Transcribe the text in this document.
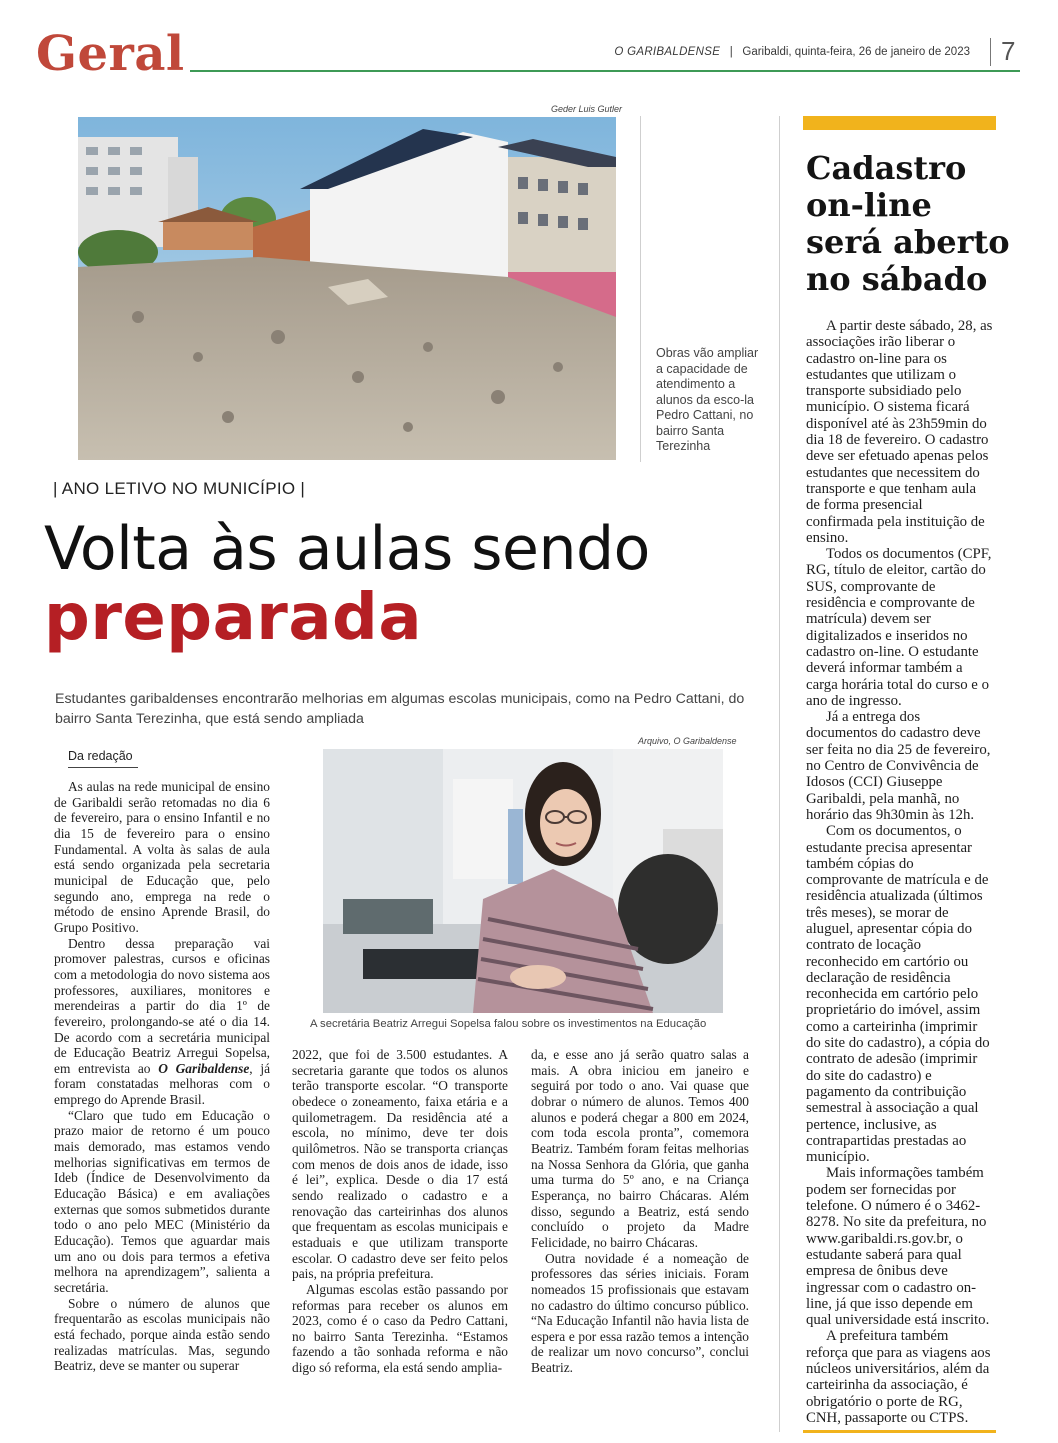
Geral	O GARIBALDENSE   |   Garibaldi, quinta-feira, 26 de janeiro de 2023 7
Geder Luis Gutler
Obras vão ampliar a capacidade de atendimento a alunos da esco-la Pedro Cattani, no bairro Santa Terezinha
| ANO LETIVO NO MUNICÍPIO |
Volta às aulas sendo
preparada
Estudantes garibaldenses encontrarão melhorias em algumas escolas municipais, como na Pedro Cattani, do bairro Santa Terezinha, que está sendo ampliada
Arquivo, O Garibaldense
Da redação
A secretária Beatriz Arregui Sopelsa falou sobre os investimentos na Educação

As aulas na rede municipal de ensino de Garibaldi serão retomadas no dia 6 de fevereiro, para o ensino Infantil e no dia 15 de fevereiro para o ensino Fundamental. A volta às salas de aula está sendo organizada pela secretaria municipal de Educação que, pelo segundo ano, emprega na rede o método de ensino Aprende Brasil, do Grupo Positivo.

Dentro dessa preparação vai promover palestras, cursos e oficinas com a metodologia do novo sistema aos professores, auxiliares, monitores e merendeiras a partir do dia 1º de fevereiro, prolongando-se até o dia 14. De acordo com a secretária municipal de Educação Beatriz Arregui Sopelsa, em entrevista ao O Garibaldense, já foram constatadas melhoras com o emprego do Aprende Brasil.

“Claro que tudo em Educação o prazo maior de retorno é um pouco mais demorado, mas estamos vendo melhorias significativas em termos de Ideb (Índice de Desenvolvimento da Educação Básica) e em avaliações externas que somos submetidos durante todo o ano pelo MEC (Ministério da Educação). Temos que aguardar mais um ano ou dois para termos a efetiva melhora na aprendizagem”, salienta a secretária.

Sobre o número de alunos que frequentarão as escolas municipais não está fechado, porque ainda estão sendo realizadas matrículas. Mas, segundo Beatriz, deve se manter ou superar

2022, que foi de 3.500 estudantes. A secretaria garante que todos os alunos terão transporte escolar. “O transporte obedece o zoneamento, faixa etária e a quilometragem. Da residência até a escola, no mínimo, deve ter dois quilômetros. Não se transporta crianças com menos de dois anos de idade, isso é lei”, explica. Desde o dia 17 está sendo realizado o cadastro e a renovação das carteirinhas dos alunos que frequentam as escolas municipais e estaduais e que utilizam transporte escolar. O cadastro deve ser feito pelos pais, na própria prefeitura.

Algumas escolas estão passando por reformas para receber os alunos em 2023, como é o caso da Pedro Cattani, no bairro Santa Terezinha. “Estamos fazendo a tão sonhada reforma e não digo só reforma, ela está sendo amplia-

da, e esse ano já serão quatro salas a mais. A obra iniciou em janeiro e seguirá por todo o ano. Vai quase que dobrar o número de alunos. Temos 400 alunos e poderá chegar a 800 em 2024, com toda escola pronta”, comemora Beatriz. Também foram feitas melhorias na Nossa Senhora da Glória, que ganha uma turma do 5º ano, e na Criança Esperança, no bairro Chácaras. Além disso, segundo a Beatriz, está sendo concluído o projeto da Madre Felicidade, no bairro Chácaras.

Outra novidade é a nomeação de professores das séries iniciais. Foram nomeados 15 profissionais que estavam no cadastro do último concurso público. “Na Educação Infantil não havia lista de espera e por essa razão temos a intenção de realizar um novo concurso”, conclui Beatriz.

Cadastro on-line será aberto no sábado

A partir deste sábado, 28, as associações irão liberar o cadastro on-line para os estudantes que utilizam o transporte subsidiado pelo município. O sistema ficará disponível até às 23h59min do dia 18 de fevereiro. O cadastro deve ser efetuado apenas pelos estudantes que necessitem do transporte e que tenham aula de forma presencial confirmada pela instituição de ensino.

Todos os documentos (CPF, RG, título de eleitor, cartão do SUS, comprovante de residência e comprovante de matrícula) devem ser digitalizados e inseridos no cadastro on-line. O estudante deverá informar também a carga horária total do curso e o ano de ingresso.

Já a entrega dos documentos do cadastro deve ser feita no dia 25 de fevereiro, no Centro de Convivência de Idosos (CCI) Giuseppe Garibaldi, pela manhã, no horário das 9h30min às 12h.

Com os documentos, o estudante precisa apresentar também cópias do comprovante de matrícula e de residência atualizada (últimos três meses), se morar de aluguel, apresentar cópia do contrato de locação reconhecido em cartório ou declaração de residência reconhecida em cartório pelo proprietário do imóvel, assim como a carteirinha (imprimir do site do cadastro), a cópia do contrato de adesão (imprimir do site do cadastro) e pagamento da contribuição semestral à associação a qual pertence, inclusive, as contrapartidas prestadas ao município.

Mais informações também podem ser fornecidas por telefone. O número é o 3462-8278. No site da prefeitura, no www.garibaldi.rs.gov.br, o estudante saberá para qual empresa de ônibus deve ingressar com o cadastro on-line, já que isso depende em qual universidade está inscrito.

A prefeitura também reforça que para as viagens aos núcleos universitários, além da carteirinha da associação, é obrigatório o porte de RG, CNH, passaporte ou CTPS.
